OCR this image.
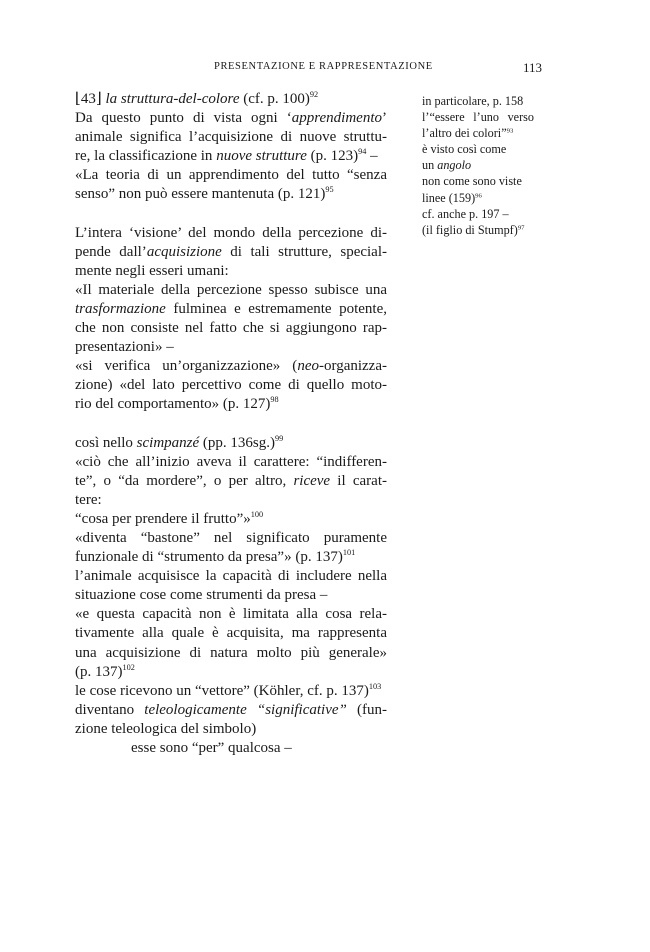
PRESENTAZIONE E RAPPRESENTAZIONE	113
⌊43⌋ la struttura-del-colore (cf. p. 100)$^{92}$
Da questo punto di vista ogni ‘apprendimento’
animale significa l’acquisizione di nuove struttu-
re, la classificazione in nuove strutture (p. 123)$^{94}$ –
«La teoria di un apprendimento del tutto “senza
senso” non può essere mantenuta (p. 121)$^{95}$
L’intera ‘visione’ del mondo della percezione di-
pende dall’acquisizione di tali strutture, special-
mente negli esseri umani:
«Il materiale della percezione spesso subisce una
trasformazione fulminea e estremamente potente,
che non consiste nel fatto che si aggiungono rap-
presentazioni» –
«si verifica un’organizzazione» (neo-organizza-
zione) «del lato percettivo come di quello moto-
rio del comportamento» (p. 127)$^{98}$
così nello scimpanzé (pp. 136sg.)$^{99}$
«ciò che all’inizio aveva il carattere: “indifferen-
te”, o “da mordere”, o per altro, riceve il carat-
tere:
“cosa per prendere il frutto”»$^{100}$
«diventa “bastone” nel significato puramente
funzionale di “strumento da presa”» (p. 137)$^{101}$
l’animale acquisisce la capacità di includere nella
situazione cose come strumenti da presa –
«e questa capacità non è limitata alla cosa rela-
tivamente alla quale è acquisita, ma rappresenta
una acquisizione di natura molto più generale»
(p. 137)$^{102}$
le cose ricevono un “vettore” (Köhler, cf. p. 137)$^{103}$
diventano teleologicamente “significative” (fun-
zione teleologica del simbolo)
esse sono “per” qualcosa –
in particolare, p. 158
l’“essere l’uno verso
l’altro dei colori”$^{93}$
è visto così come
un angolo
non come sono viste
linee $(159)^{96}$
cf. anche p. 197 –
(il figlio di Stumpf)$^{97}$
